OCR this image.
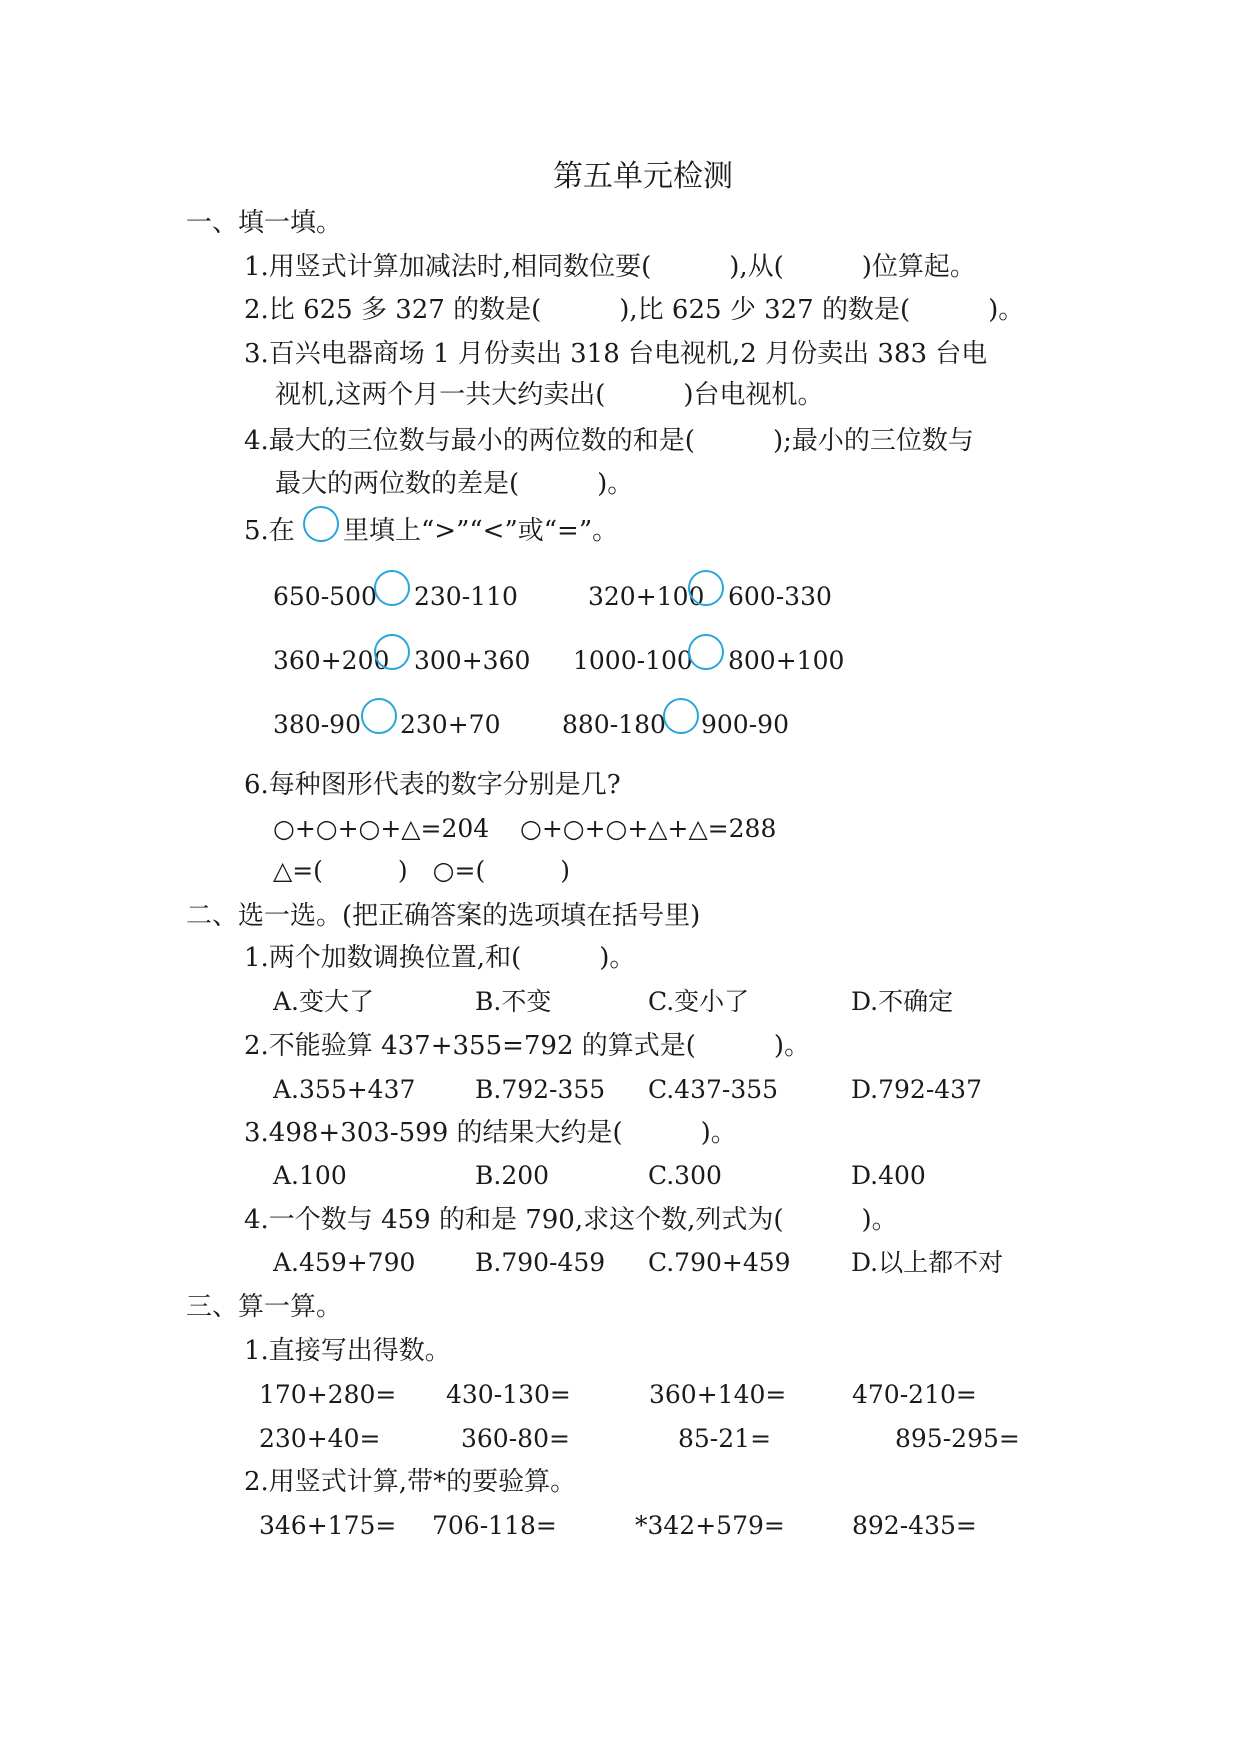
第五单元检测
一、填一填。
1.用竖式计算加减法时,相同数位要(　　　),从(　　　)位算起。
2.比 625 多 327 的数是(　　　),比 625 少 327 的数是(　　　)。
3.百兴电器商场 1 月份卖出 318 台电视机,2 月份卖出 383 台电
视机,这两个月一共大约卖出(　　　)台电视机。
4.最大的三位数与最小的两位数的和是(　　　);最小的三位数与
最大的两位数的差是(　　　)。
5.在 里填上“>”“<”或“=”。
650-500 230-110	320+100 600-330
360+200 300+360 1000-100 800+100
380-90 230+70 880-180 900-90
6.每种图形代表的数字分别是几?
○+○+○+△=204 ○+○+○+△+△=288
△=(　　　)　○=(　　　)
二、选一选。(把正确答案的选项填在括号里)
1.两个加数调换位置,和(　　　)。
A.变大了	B.不变	C.变小了	D.不确定
2.不能验算 437+355=792 的算式是(　　　)。
A.355+437 B.792-355 C.437-355	D.792-437
3.498+303-599 的结果大约是(　　　)。
A.100	B.200	C.300	D.400
4.一个数与 459 的和是 790,求这个数,列式为(　　　)。
A.459+790 B.790-459 C.790+459 D.以上都不对
三、算一算。
1.直接写出得数。
170+280= 430-130=	360+140=	470-210=
230+40=	360-80=	85-21=	895-295=
2.用竖式计算,带*的要验算。
346+175= 706-118=	*342+579=	892-435=
